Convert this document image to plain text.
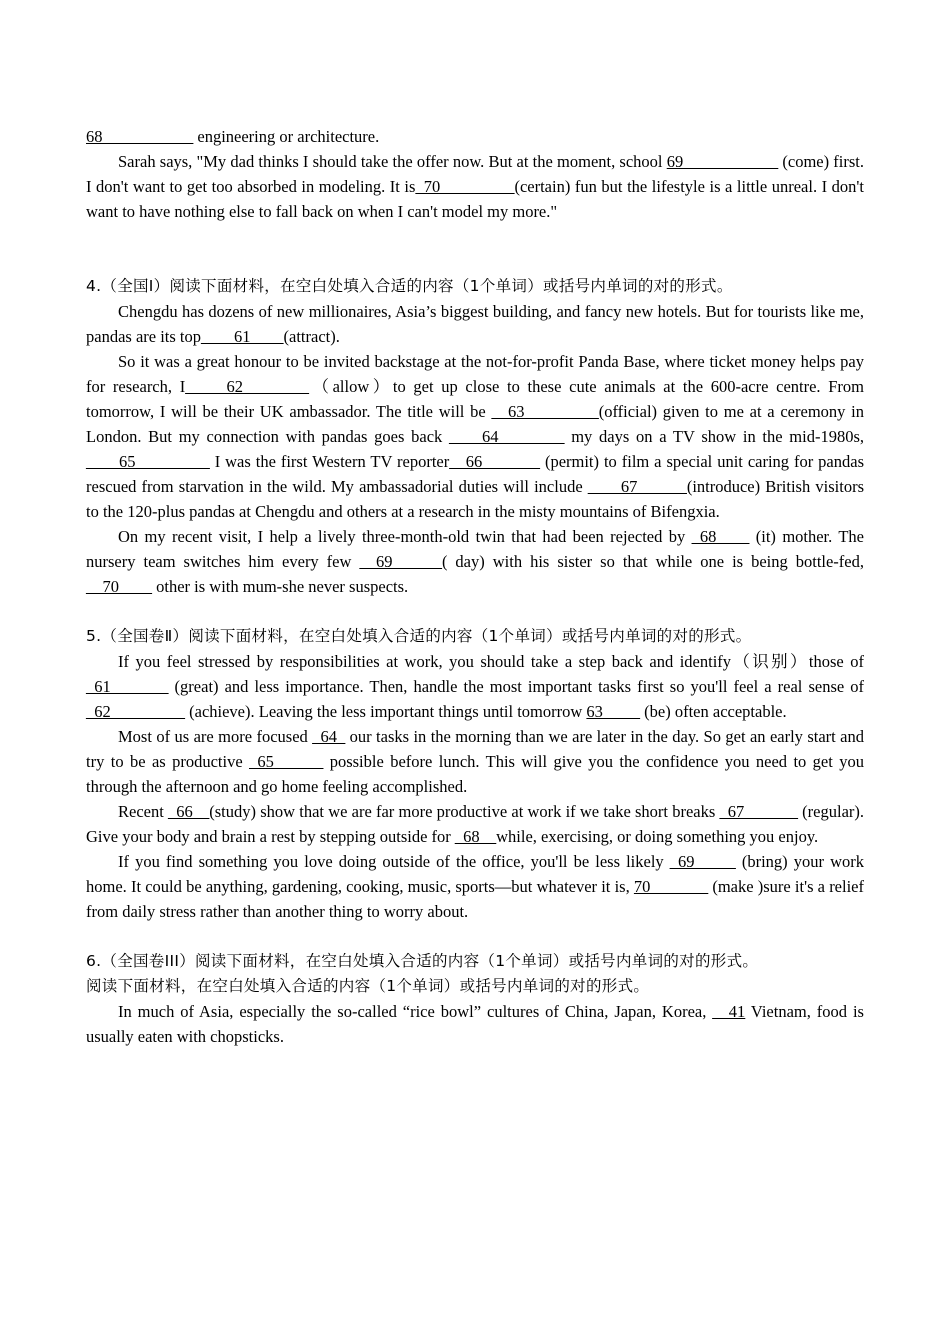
68___________ engineering or architecture.

Sarah says, "My dad thinks I should take the offer now. But at the moment, school 69 ___________ (come) first. I don't want to get too absorbed in modeling. It is_70_________(certain) fun but the lifestyle is a little unreal. I don't want to have nothing else to fall back on when I can't model my more."

4.（全国Ⅰ）阅读下面材料，在空白处填入合适的内容（1个单词）或括号内单词的对的形式。

Chengdu has dozens of new millionaires, Asia’s biggest building, and fancy new hotels. But for tourists like me, pandas are its top____61____(attract).

So it was a great honour to be invited backstage at the not-for-profit Panda Base, where ticket money helps pay for research, I_____62________（allow）to get up close to these cute animals at the 600-acre centre. From tomorrow, I will be their UK ambassador. The title will be __63_________(official) given to me at a ceremony in London. But my connection with pandas goes back ____64________ my days on a TV show in the mid-1980s, ____65_________ I was the first Western TV reporter__66_______ (permit) to film a special unit caring for pandas rescued from starvation in the wild. My ambassadorial duties will include ____67______(introduce) British visitors to the 120-plus pandas at Chengdu and others at a research in the misty mountains of Bifengxia.

On my recent visit, I help a lively three-month-old twin that had been rejected by _68____ (it) mother. The nursery team switches him every few __69______( day) with his sister so that while one is being bottle-fed, __70____ other is with mum-she never suspects.

5.（全国卷Ⅱ）阅读下面材料，在空白处填入合适的内容（1个单词）或括号内单词的对的形式。

If you feel stressed by responsibilities at work, you should take a step back and identify（识别）those of _61_______ (great) and less importance. Then, handle the most important tasks first so you'll feel a real sense of _62_________ (achieve). Leaving the less important things until tomorrow 63 ____ (be) often acceptable.

Most of us are more focused _64_ our tasks in the morning than we are later in the day. So get an early start and try to be as productive _65______ possible before lunch. This will give you the confidence you need to get you through the afternoon and go home feeling accomplished.

Recent _66__(study) show that we are far more productive at work if we take short breaks _67 ______ (regular). Give your body and brain a rest by stepping outside for _68__while, exercising, or doing something you enjoy.

If you find something you love doing outside of the office, you'll be less likely _69_____ (bring) your work home. It could be anything, gardening, cooking, music, sports—but whatever it is, 70_______ (make )sure it's a relief from daily stress rather than another thing to worry about.

6.（全国卷III）阅读下面材料，在空白处填入合适的内容（1个单词）或括号内单词的对的形式。

阅读下面材料，在空白处填入合适的内容（1个单词）或括号内单词的对的形式。

In much of Asia, especially the so-called “rice bowl” cultures of China, Japan, Korea, __41 Vietnam, food is usually eaten with chopsticks.
